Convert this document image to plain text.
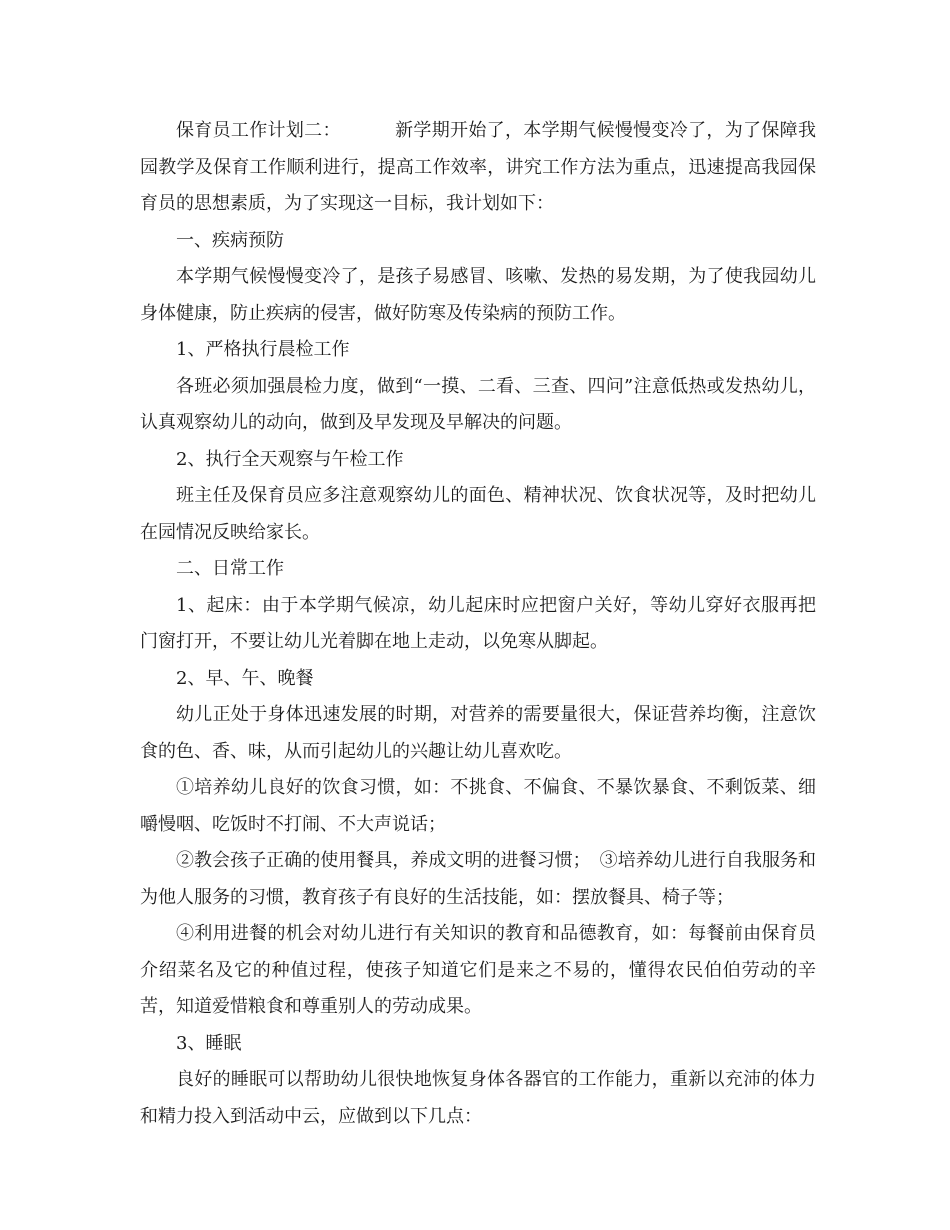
保育员工作计划二：	新学期开始了，本学期气候慢慢变冷了，为了保障我园教学及保育工作顺利进行，提高工作效率，讲究工作方法为重点，迅速提高我园保育员的思想素质，为了实现这一目标，我计划如下：

一、疾病预防

本学期气候慢慢变冷了，是孩子易感冒、咳嗽、发热的易发期，为了使我园幼儿身体健康，防止疾病的侵害，做好防寒及传染病的预防工作。

1、严格执行晨检工作

各班必须加强晨检力度，做到“一摸、二看、三查、四问”注意低热或发热幼儿，认真观察幼儿的动向，做到及早发现及早解决的问题。

2、执行全天观察与午检工作

班主任及保育员应多注意观察幼儿的面色、精神状况、饮食状况等，及时把幼儿在园情况反映给家长。

二、日常工作

1、起床：由于本学期气候凉，幼儿起床时应把窗户关好，等幼儿穿好衣服再把门窗打开，不要让幼儿光着脚在地上走动，以免寒从脚起。

2、早、午、晚餐

幼儿正处于身体迅速发展的时期，对营养的需要量很大，保证营养均衡，注意饮食的色、香、味，从而引起幼儿的兴趣让幼儿喜欢吃。

①培养幼儿良好的饮食习惯，如：不挑食、不偏食、不暴饮暴食、不剩饭菜、细嚼慢咽、吃饭时不打闹、不大声说话；

②教会孩子正确的使用餐具，养成文明的进餐习惯；　③培养幼儿进行自我服务和为他人服务的习惯，教育孩子有良好的生活技能，如：摆放餐具、椅子等；

④利用进餐的机会对幼儿进行有关知识的教育和品德教育，如：每餐前由保育员介绍菜名及它的种值过程，使孩子知道它们是来之不易的，懂得农民伯伯劳动的辛苦，知道爱惜粮食和尊重别人的劳动成果。

3、睡眠

良好的睡眠可以帮助幼儿很快地恢复身体各器官的工作能力，重新以充沛的体力和精力投入到活动中云，应做到以下几点：
